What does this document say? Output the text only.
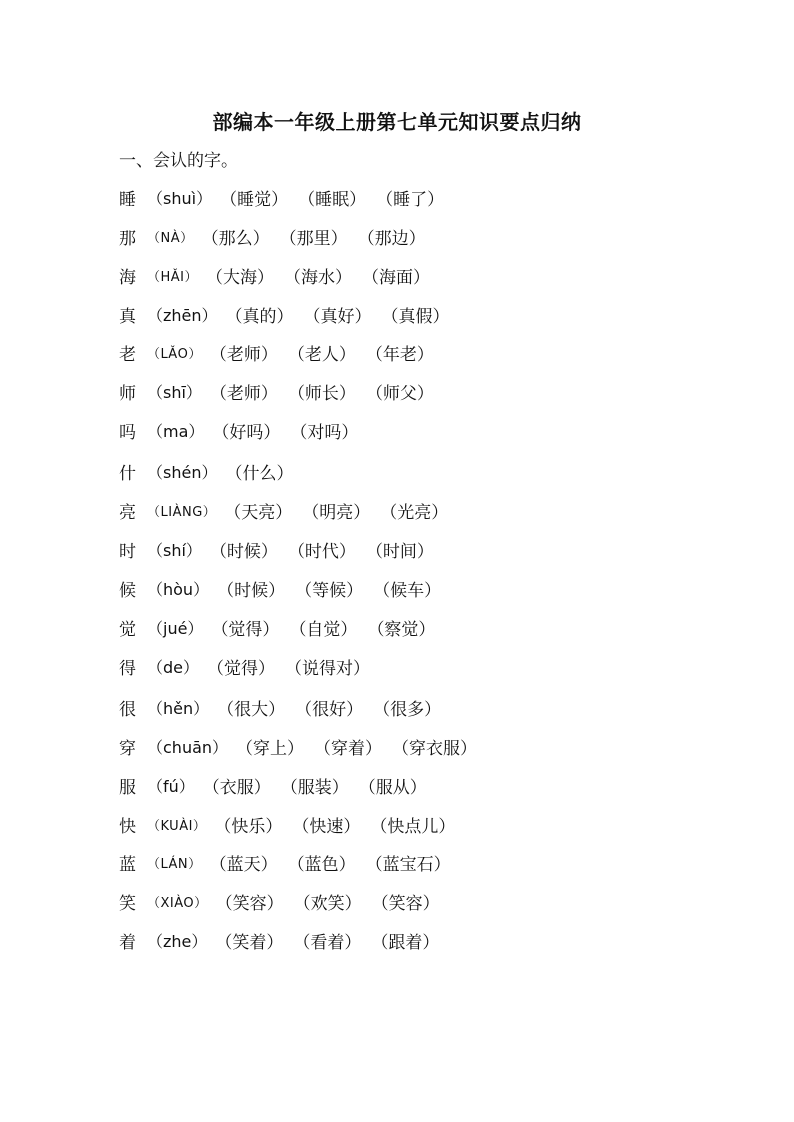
部编本一年级上册第七单元知识要点归纳
一、会认的字。
睡 （shuì） （睡觉） （睡眠） （睡了）
那 （NÀ） （那么） （那里） （那边）
海 （HǍI） （大海） （海水） （海面）
真 （zhēn） （真的） （真好） （真假）
老 （LǍO） （老师） （老人） （年老）
师 （shī） （老师） （师长） （师父）
吗 （ma） （好吗） （对吗）
什 （shén） （什么）
亮 （LIÀNG） （天亮） （明亮） （光亮）
时 （shí） （时候） （时代） （时间）
候 （hòu） （时候） （等候） （候车）
觉 （jué） （觉得） （自觉） （察觉）
得 （de） （觉得） （说得对）
很 （hěn） （很大） （很好） （很多）
穿 （chuān） （穿上） （穿着） （穿衣服）
服 （fú） （衣服） （服装） （服从）
快 （KUÀI） （快乐） （快速） （快点儿）
蓝 （LÁN） （蓝天） （蓝色） （蓝宝石）
笑 （XIÀO） （笑容） （欢笑） （笑容）
着 （zhe） （笑着） （看着） （跟着）
